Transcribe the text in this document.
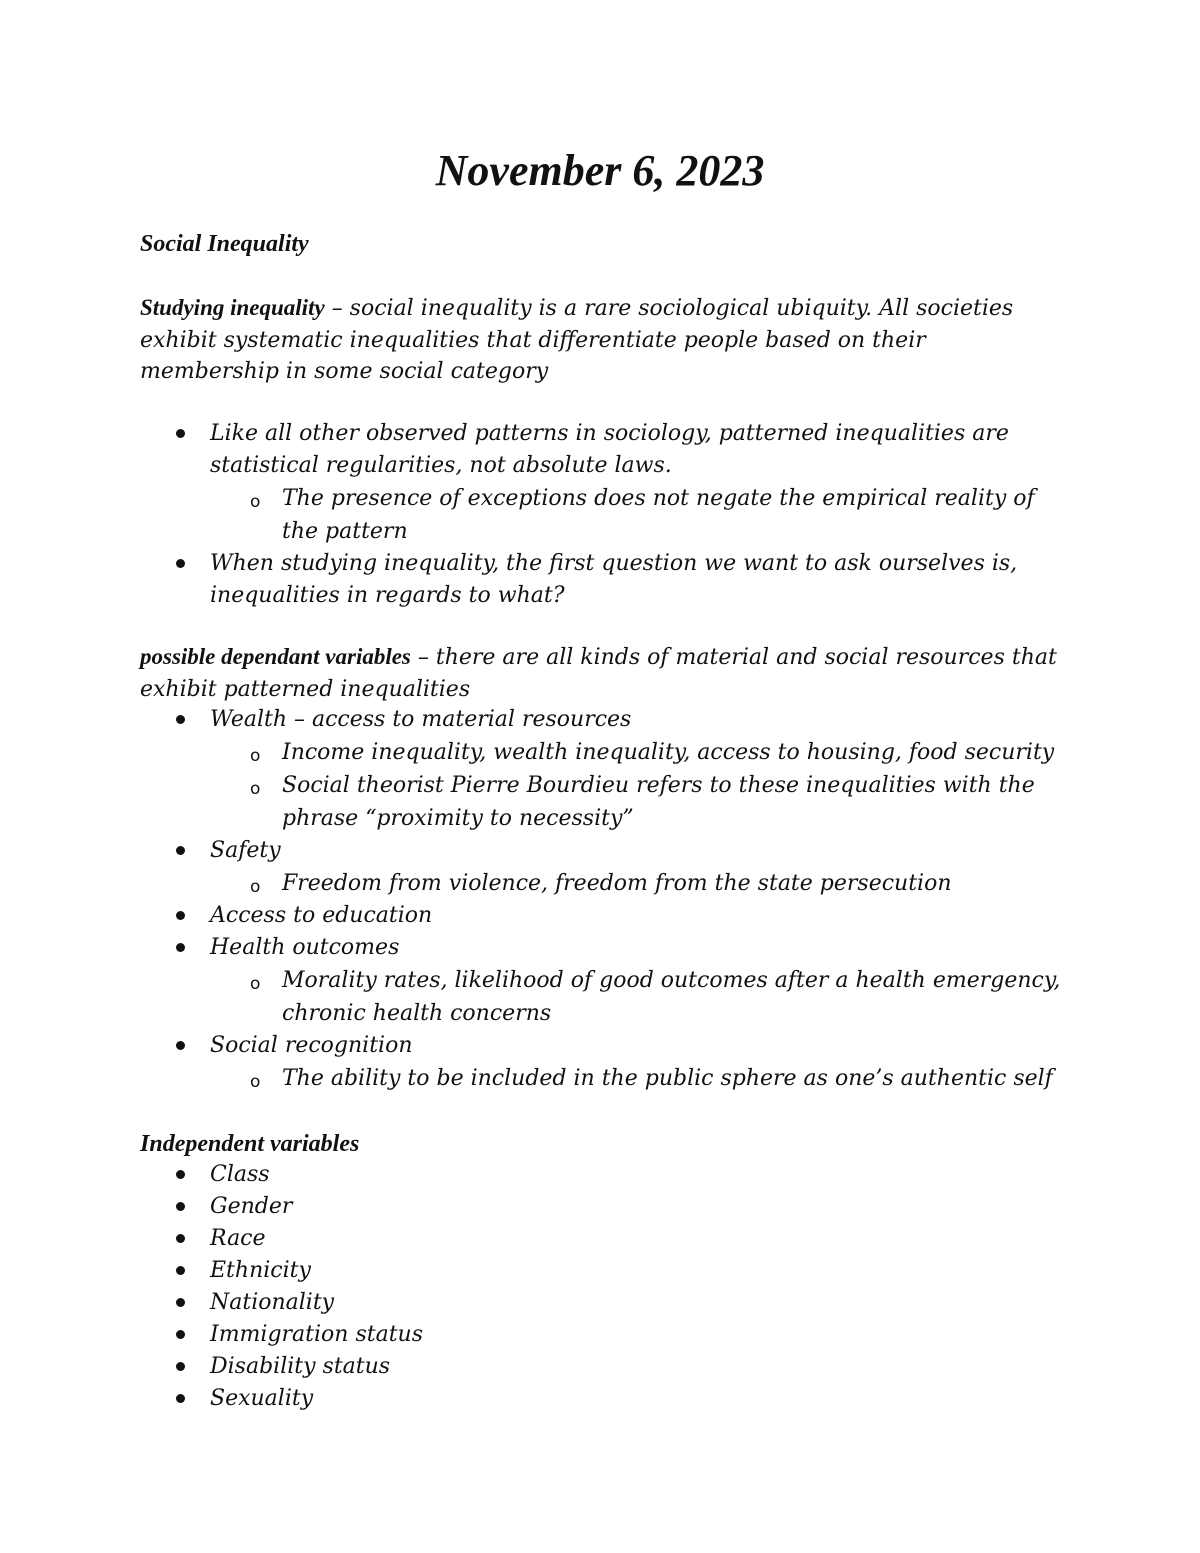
November 6, 2023
Social Inequality

Studying inequality – social inequality is a rare sociological ubiquity. All societies exhibit systematic inequalities that differentiate people based on their membership in some social category

Like all other observed patterns in sociology, patterned inequalities are statistical regularities, not absolute laws.
o The presence of exceptions does not negate the empirical reality of the pattern
When studying inequality, the first question we want to ask ourselves is, inequalities in regards to what?

possible dependant variables – there are all kinds of material and social resources that exhibit patterned inequalities

Wealth – access to material resources
o Income inequality, wealth inequality, access to housing, food security
o Social theorist Pierre Bourdieu refers to these inequalities with the phrase “proximity to necessity”
Safety
o Freedom from violence, freedom from the state persecution
Access to education
Health outcomes
o Morality rates, likelihood of good outcomes after a health emergency, chronic health concerns
Social recognition
o The ability to be included in the public sphere as one’s authentic self
Independent variables
Class
Gender
Race
Ethnicity
Nationality
Immigration status
Disability status
Sexuality
